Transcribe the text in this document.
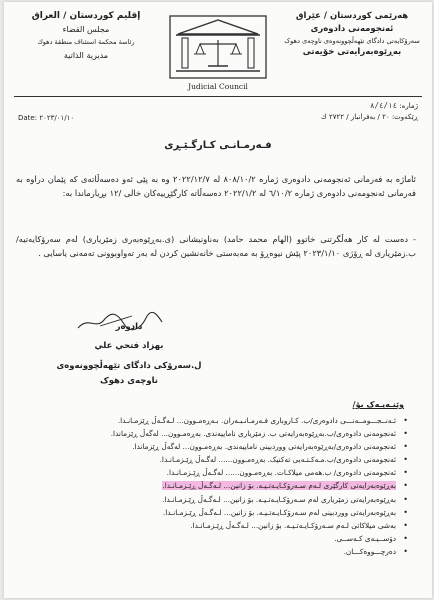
هەرێمی کوردستان / عێراق
ئەنجومەنی دادوەری
سەرۆکایەتی دادگای تێهەڵچوونەوەی ناوچەی دهوک
بەڕێوەبەرایەتی خۆیەتی
Judicial Council
إقليم كوردستان / العراق
مجلس القضاء
رئاسة محكمة استئناف منطقة دهوك
مديرية الذاتية
ژمارە: ٨/٤/١٤
ڕێکەوت: ٢٠ / بەفرانبار / ٢٧٢٢ ك
Date: ٢٠٢٣/٠١/١٠
فـەرمـانـی کـارگـێـڕی
ئاماژە بە فەرمانی ئەنجومەنی دادوەری ژمارە ٨٠٨/١٠/٢ لە ٢٠٢٢/١٢/٧ وە بە پێی ئەو دەسەڵاتەی کە پێمان دراوە بە فەرمانی ئەنجومەنی دادوەری ژمارە ٦/١٠/٢ لە ٢٠٢٢/١/٢ دەسەڵاتە کارگێڕییەکان خالی /١٢ بڕیارماندا بە:
- دەست لە کار هەڵگرتنی خاتوو (الهام محمد حامد) بەناونیشانی (ی.بەڕێوەبەری زمێریاری) لەم سەرۆکایەتیە/ب.زمێریاری لە ڕۆژی ٢٠٢٣/١/١٠ پێش نیوەڕۆ بە مەبەستی خانەنشین کردن لە بەر تەواوبوونی تەمەنی یاسایی .
دادوەر
بهزاد فتحي علي
ل.سەرۆکی دادگای تێهەڵچوونەوەی ناوچەی دهوک
وێنـەیـەک بۆ/
• ئـەنــجـــومــەنـــی دادوەری/ب. کـاروباری فـەرمـانـبـەران. بـەڕەمـوون... لـەگـەڵ ڕێزمـانـدا.
• ئەنجومەنی دادوەری/ب.بەڕێوەبەرایەتی ب. زمێریاری ناماییەندی. بەڕەمـوون... لەگەڵ ڕێزماندا.
• ئەنجومەنی دادوەری/بەڕێوەبەرایەتی ووردبینی ناماییەندی. بەڕەمـوون... لەگەڵ ڕێزماندا.
• ئەنجومەنی دادوەری/ب.مـەکـتـەبی تەکنیک. بەڕەمـوون...... لەگـەڵ ڕێـزمـانـدا.
• ئەنجومەنی دادوەری/ ب.ھەمی میلاکـات. بەڕەمـوون...... لەگـەڵ ڕێـزمـانـدا.
• بەڕێوەبەرایەتی کارگێری لـەم سـەرۆکـایـەتـیـە. بۆ زانین... لـەگـەڵ ڕێـزمـانـدا.
• بەڕێوەبەرایەتی زمێریاری لەم سـەرۆکـایـەتـیـە. بۆ زانین... لـەگـەڵ ڕێـزمـانـدا.
• بەڕێوەبەرایەتی ووردبینی لەم سـەرۆکـایـەتـیـە. بۆ زانین... لـەگـەڵ ڕێـزمـانـدا.
• بەشی میلاکاتی لـەم سـەرۆکـایـەتـیـە. بۆ زانین... لـەگـەڵ ڕێـزمـانـدا.
• دۆســیـەی کـەســی.
• دەرچـــووەکـــان.
